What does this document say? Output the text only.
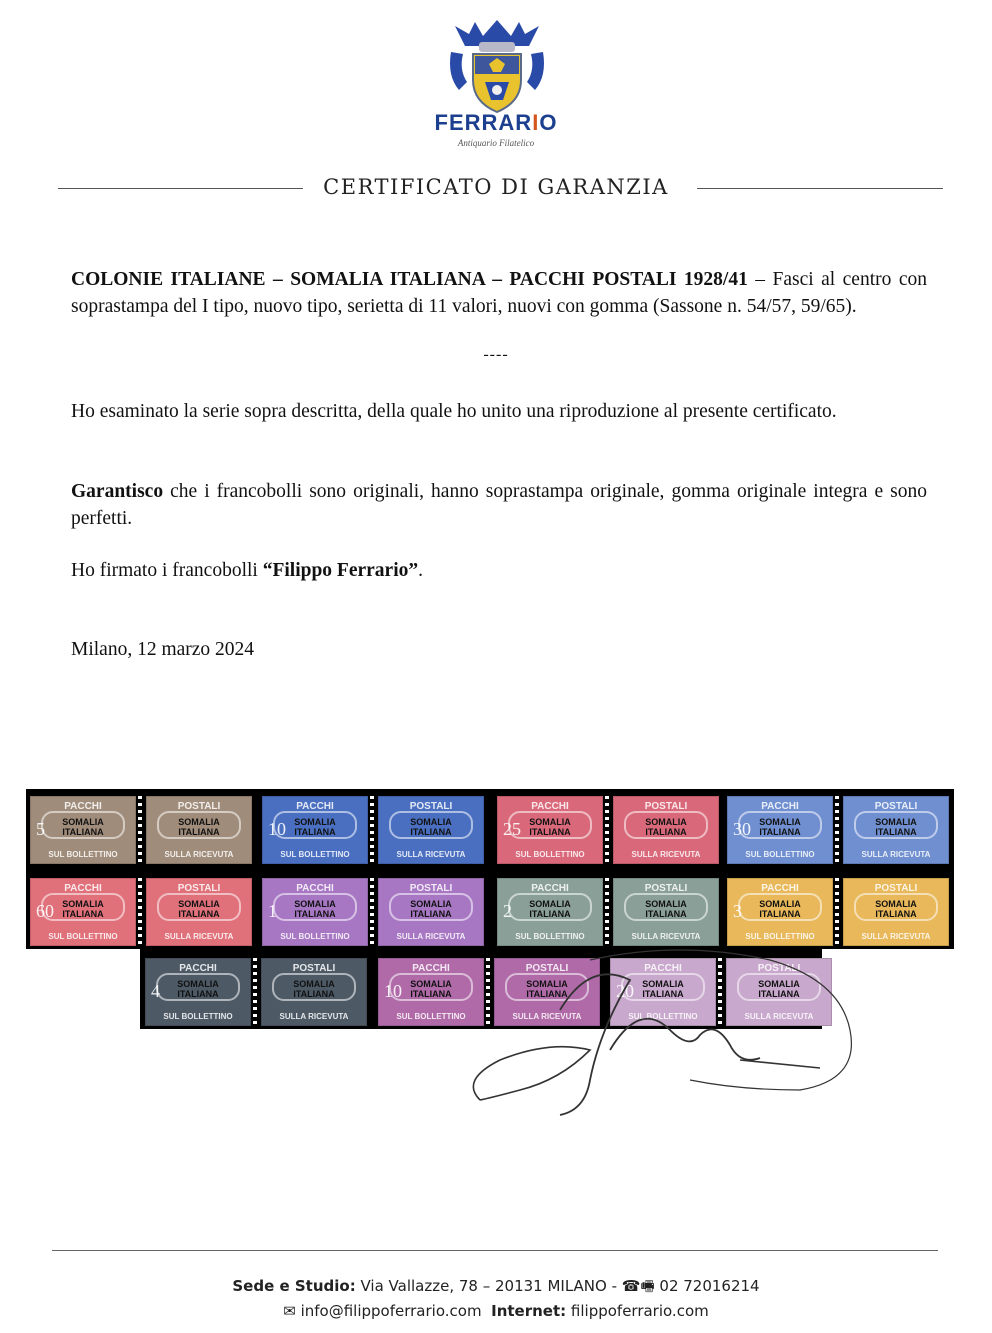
FERRARIO
Antiquario Filatelico
CERTIFICATO DI GARANZIA
COLONIE ITALIANE – SOMALIA ITALIANA – PACCHI POSTALI 1928/41 – Fasci al centro con soprastampa del I tipo, nuovo tipo, serietta di 11 valori, nuovi con gomma (Sassone n. 54/57, 59/65).
----
Ho esaminato la serie sopra descritta, della quale ho unito una riproduzione al presente certificato.
Garantisco che i francobolli sono originali, hanno soprastampa originale, gomma originale integra e sono perfetti.
Ho firmato i francobolli “Filippo Ferrario”.
Milano, 12 marzo 2024
PACCHI
5	SOMALIA
ITALIANA
SUL BOLLETTINO
POSTALI
SOMALIA
ITALIANA
SULLA RICEVUTA
PACCHI
10 SOMALIA
ITALIANA
SUL BOLLETTINO
POSTALI
SOMALIA
ITALIANA
SULLA RICEVUTA
PACCHI
25 SOMALIA
ITALIANA
SUL BOLLETTINO
POSTALI
SOMALIA
ITALIANA
SULLA RICEVUTA
PACCHI
30 SOMALIA
ITALIANA
SUL BOLLETTINO
POSTALI
SOMALIA
ITALIANA
SULLA RICEVUTA
PACCHI
60 SOMALIA
ITALIANA
SUL BOLLETTINO
POSTALI
SOMALIA
ITALIANA
SULLA RICEVUTA
PACCHI
1	SOMALIA
ITALIANA
SUL BOLLETTINO
POSTALI
SOMALIA
ITALIANA
SULLA RICEVUTA
PACCHI
2	SOMALIA
ITALIANA
SUL BOLLETTINO
POSTALI
SOMALIA
ITALIANA
SULLA RICEVUTA
PACCHI
3	SOMALIA
ITALIANA
SUL BOLLETTINO
POSTALI
SOMALIA
ITALIANA
SULLA RICEVUTA
PACCHI
4	SOMALIA
ITALIANA
SUL BOLLETTINO
POSTALI
SOMALIA
ITALIANA
SULLA RICEVUTA
PACCHI
10 SOMALIA
ITALIANA
SUL BOLLETTINO
POSTALI
SOMALIA
ITALIANA
SULLA RICEVUTA
PACCHI
20 SOMALIA
ITALIANA
SUL BOLLETTINO
POSTALI
SOMALIA
ITALIANA
SULLA RICEVUTA
Sede e Studio: Via Vallazze, 78 – 20131 MILANO - ☎🖷 02 72016214
✉ info@filippoferrario.com Internet: filippoferrario.com
